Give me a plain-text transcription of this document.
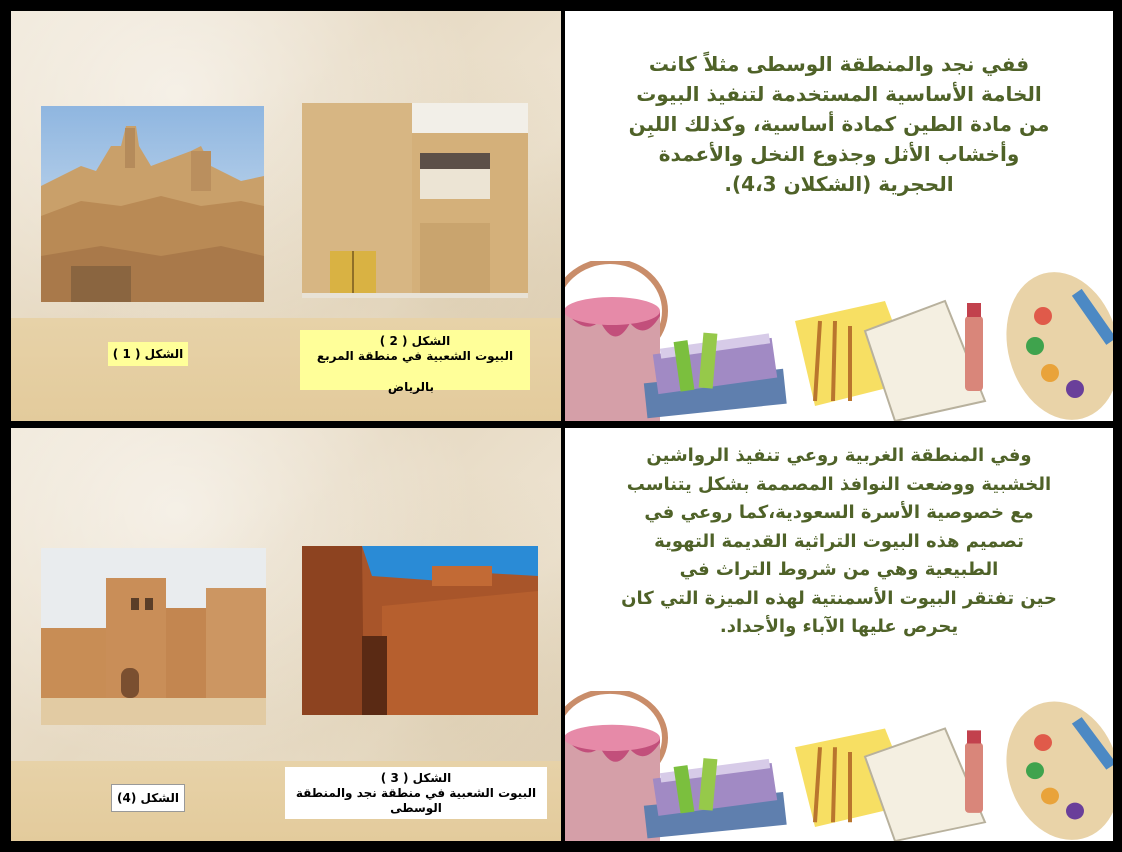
الشكل ( 2 )
البيوت الشعبية في منطقة المربع
بالرياض
الشكل ( 1 )
ففي نجد والمنطقة الوسطى مثلاً كانت
الخامة الأساسية المستخدمة لتنفيذ البيوت
من مادة الطين كمادة أساسية، وكذلك اللبِن
وأخشاب الأثل وجذوع النخل والأعمدة
الحجرية (الشكلان 4،3).
الشكل ( 3 )
البيوت الشعبية في منطقة نجد والمنطقة
الوسطى
الشكل (4)
وفي المنطقة الغربية روعي تنفيذ الرواشين
الخشبية ووضعت النوافذ المصممة بشكل يتناسب
مع خصوصية الأسرة السعودية،كما روعي في
تصميم هذه البيوت التراثية القديمة التهوية
الطبيعية وهي من شروط التراث في
حين تفتقر البيوت الأسمنتية لهذه الميزة التي كان
يحرص عليها الآباء والأجداد.
